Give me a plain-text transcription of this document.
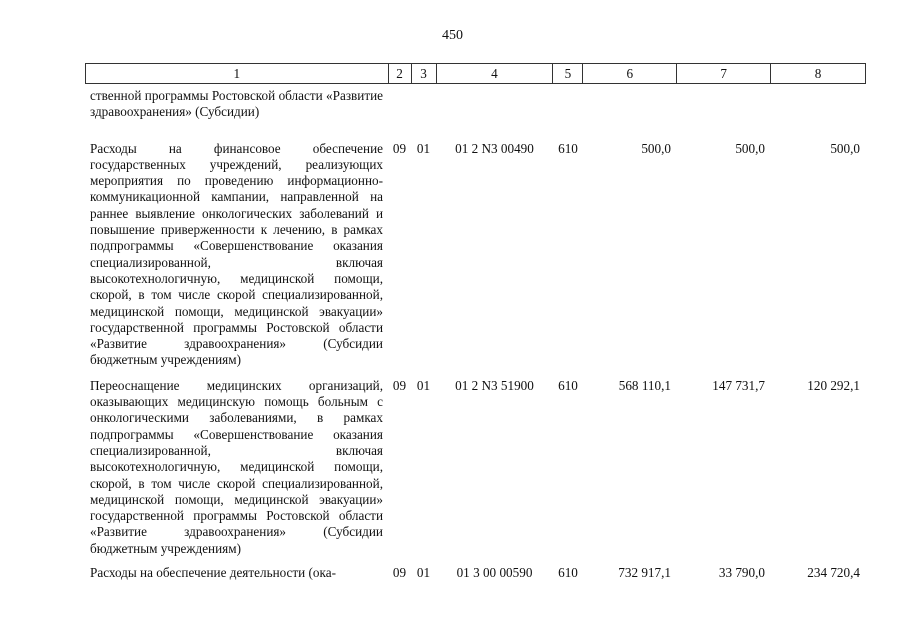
450
1	2	3	4	5	6	7	8
ственной программы Ростовской области «Развитие здравоохранения» (Субсидии)
Расходы на финансовое обеспечение государственных учреждений, реализующих мероприятия по проведению информационно-коммуникационной кампании, направленной на раннее выявление онкологических заболеваний и повышение приверженности к лечению, в рамках подпрограммы «Совершенствование оказания специализированной, включая высокотехнологичную, медицинской помощи, скорой, в том числе скорой специализированной, медицинской помощи, медицинской эвакуации» государственной программы Ростовской области «Развитие здравоохранения» (Субсидии бюджетным учреждениям)
09 01	01 2 N3 00490	610	500,0	500,0	500,0
Переоснащение медицинских организаций, оказывающих медицинскую помощь больным с онкологическими заболеваниями, в рамках подпрограммы «Совершенствование оказания специализированной, включая высокотехнологичную, медицинской помощи, скорой, в том числе скорой специализированной, медицинской помощи, медицинской эвакуации» государственной программы Ростовской области «Развитие здравоохранения» (Субсидии бюджетным учреждениям)
09 01	01 2 N3 51900	610	568 110,1	147 731,7	120 292,1
Расходы на обеспечение деятельности (ока-	09 01	01 3 00 00590	610	732 917,1	33 790,0	234 720,4
